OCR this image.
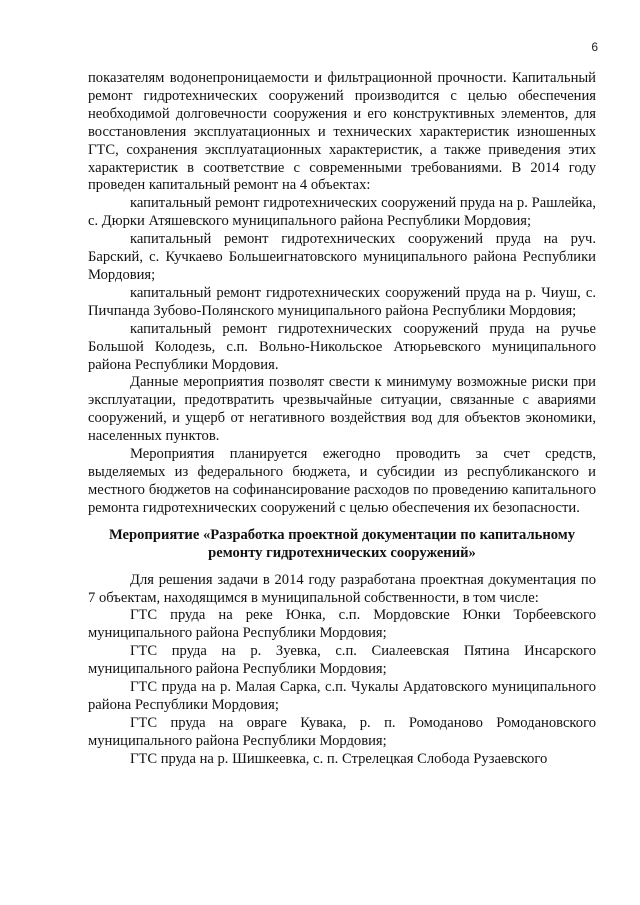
6

показателям водонепроницаемости и фильтрационной прочности. Капитальный ремонт гидротехнических сооружений производится с целью обеспечения необходимой долговечности сооружения и его конструктивных элементов, для восстановления эксплуатационных и технических характеристик изношенных ГТС, сохранения эксплуатационных характеристик, а также приведения этих характеристик в соответствие с современными требованиями. В 2014 году проведен капитальный ремонт на 4 объектах:

капитальный ремонт гидротехнических сооружений пруда на р. Рашлейка, с. Дюрки Атяшевского муниципального района Республики Мордовия;

капитальный ремонт гидротехнических сооружений пруда на руч. Барский, с. Кучкаево Большеигнатовского муниципального района Республики Мордовия;

капитальный ремонт гидротехнических сооружений пруда на р. Чиуш, с. Пичпанда Зубово-Полянского муниципального района Республики Мордовия;

капитальный ремонт гидротехнических сооружений пруда на ручье Большой Колодезь, с.п. Вольно-Никольское Атюрьевского муниципального района Республики Мордовия.

Данные мероприятия позволят свести к минимуму возможные риски при эксплуатации, предотвратить чрезвычайные ситуации, связанные с авариями сооружений, и ущерб от негативного воздействия вод для объектов экономики, населенных пунктов.

Мероприятия планируется ежегодно проводить за счет средств, выделяемых из федерального бюджета, и субсидии из республиканского и местного бюджетов на софинансирование расходов по проведению капитального ремонта гидротехнических сооружений с целью обеспечения их безопасности.

Мероприятие «Разработка проектной документации по капитальному ремонту гидротехнических сооружений»

Для решения задачи в 2014 году разработана проектная документация по 7 объектам, находящимся в муниципальной собственности, в том числе:

ГТС пруда на реке Юнка, с.п. Мордовские Юнки Торбеевского муниципального района Республики Мордовия;

ГТС пруда на р. Зуевка, с.п. Сиалеевская Пятина Инсарского муниципального района Республики Мордовия;

ГТС пруда на р. Малая Сарка, с.п. Чукалы Ардатовского муниципального района Республики Мордовия;

ГТС пруда на овраге Кувака, р. п. Ромоданово Ромодановского муниципального района Республики Мордовия;

ГТС пруда на р. Шишкеевка, с. п. Стрелецкая Слобода Рузаевского
